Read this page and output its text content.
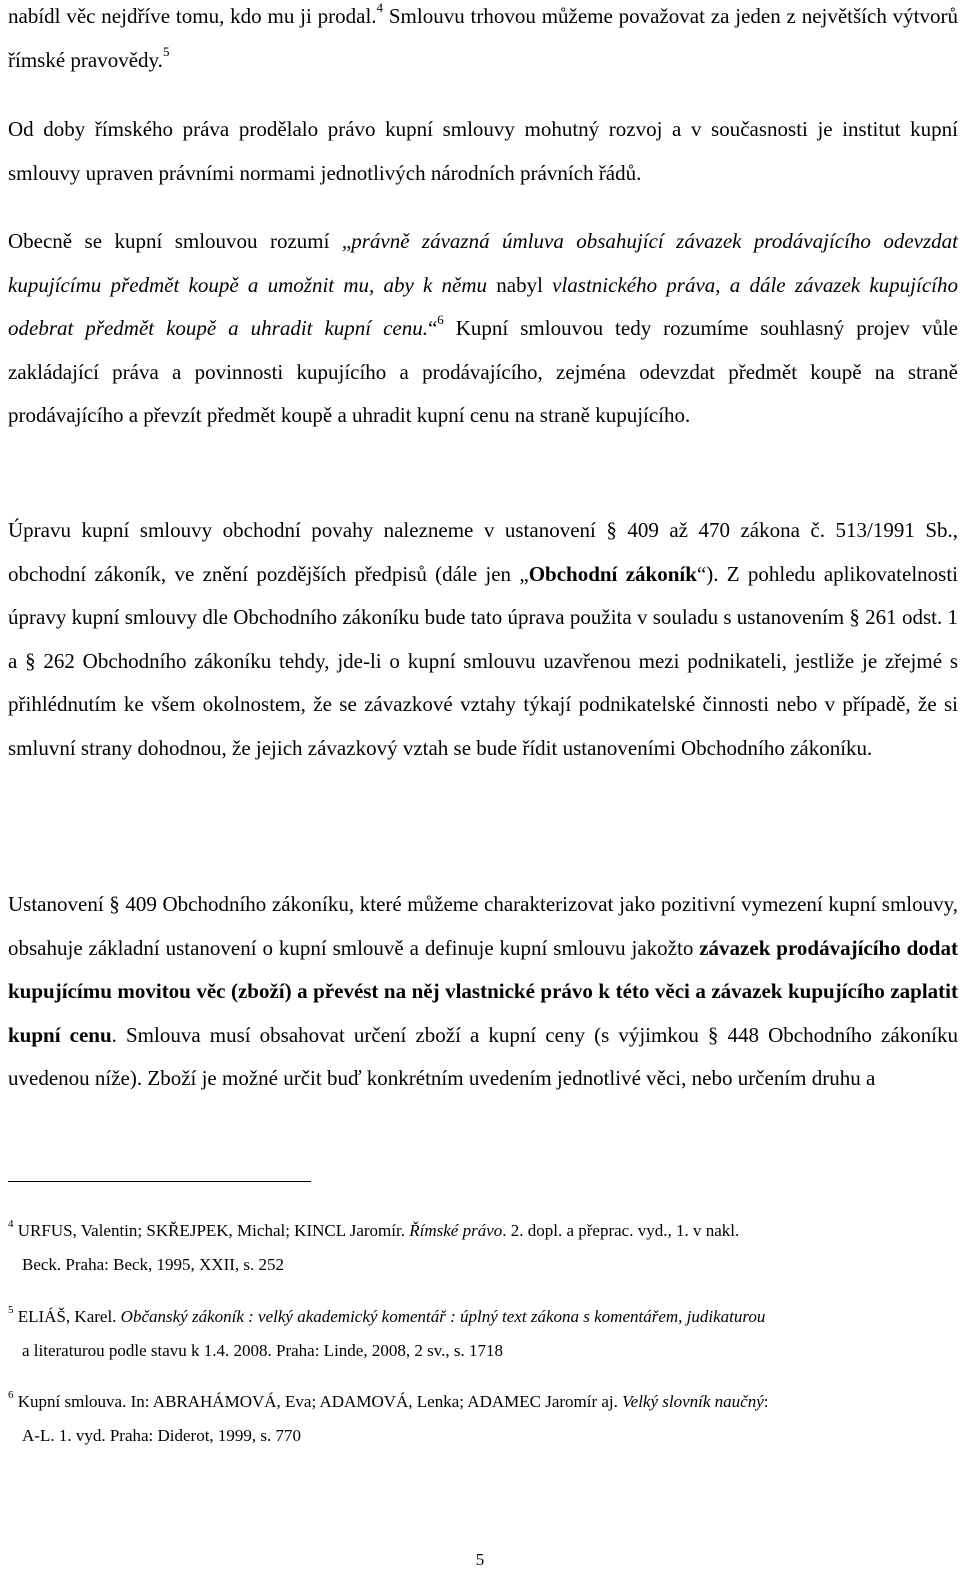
nabídl věc nejdříve tomu, kdo mu ji prodal.$^4$ Smlouvu trhovou můžeme považovat za jeden z největších výtvorů římské pravovědy.$^5$

Od doby římského práva prodělalo právo kupní smlouvy mohutný rozvoj a v současnosti je institut kupní smlouvy upraven právními normami jednotlivých národních právních řádů.

Obecně se kupní smlouvou rozumí „právně závazná úmluva obsahující závazek prodávajícího odevzdat kupujícímu předmět koupě a umožnit mu, aby k němu nabyl vlastnického práva, a dále závazek kupujícího odebrat předmět koupě a uhradit kupní cenu.“$^6$ Kupní smlouvou tedy rozumíme souhlasný projev vůle zakládající práva a povinnosti kupujícího a prodávajícího, zejména odevzdat předmět koupě na straně prodávajícího a převzít předmět koupě a uhradit kupní cenu na straně kupujícího.

Úpravu kupní smlouvy obchodní povahy nalezneme v ustanovení § 409 až 470 zákona č. 513/1991 Sb., obchodní zákoník, ve znění pozdějších předpisů (dále jen „Obchodní zákoník“). Z pohledu aplikovatelnosti úpravy kupní smlouvy dle Obchodního zákoníku bude tato úprava použita v souladu s ustanovením § 261 odst. 1 a § 262 Obchodního zákoníku tehdy, jde-li o kupní smlouvu uzavřenou mezi podnikateli, jestliže je zřejmé s přihlédnutím ke všem okolnostem, že se závazkové vztahy týkají podnikatelské činnosti nebo v případě, že si smluvní strany dohodnou, že jejich závazkový vztah se bude řídit ustanoveními Obchodního zákoníku.

Ustanovení § 409 Obchodního zákoníku, které můžeme charakterizovat jako pozitivní vymezení kupní smlouvy, obsahuje základní ustanovení o kupní smlouvě a definuje kupní smlouvu jakožto závazek prodávajícího dodat kupujícímu movitou věc (zboží) a převést na něj vlastnické právo k této věci a závazek kupujícího zaplatit kupní cenu. Smlouva musí obsahovat určení zboží a kupní ceny (s výjimkou § 448 Obchodního zákoníku uvedenou níže). Zboží je možné určit buď konkrétním uvedením jednotlivé věci, nebo určením druhu a

$^4$ URFUS, Valentin; SKŘEJPEK, Michal; KINCL Jaromír. Římské právo. 2. dopl. a přeprac. vyd., 1. v nakl.
Beck. Praha: Beck, 1995, XXII, s. 252
$^5$ ELIÁŠ, Karel. Občanský zákoník : velký akademický komentář : úplný text zákona s komentářem, judikaturou
a literaturou podle stavu k 1.4. 2008. Praha: Linde, 2008, 2 sv., s. 1718
$^6$ Kupní smlouva. In: ABRAHÁMOVÁ, Eva; ADAMOVÁ, Lenka; ADAMEC Jaromír aj. Velký slovník naučný:
A-L. 1. vyd. Praha: Diderot, 1999, s. 770
5
